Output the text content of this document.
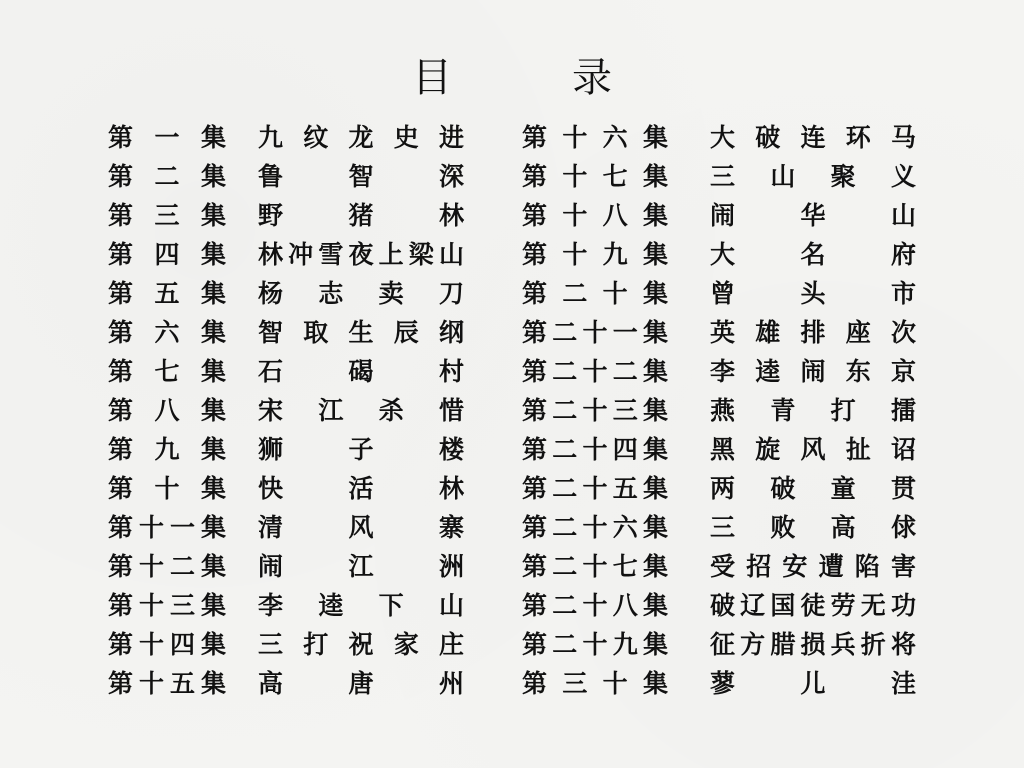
目录
第 一 集 九 纹 龙 史 进
第 二 集 鲁	智	深
第 三 集 野	猪	林
第 四 集 林 冲 雪 夜 上 梁 山
第 五 集 杨 志 卖 刀
第 六 集 智 取 生 辰 纲
第 七 集 石	碣	村
第 八 集 宋 江 杀 惜
第 九 集 狮	子	楼
第 十 集 快	活	林
第 十 一 集 清	风	寨
第 十 二 集 闹	江	洲
第 十 三 集 李 逵 下 山
第 十 四 集 三 打 祝 家 庄
第 十 五 集 高	唐	州
第 十 六 集 大 破 连 环 马
第 十 七 集 三 山 聚 义
第 十 八 集 闹	华	山
第 十 九 集 大	名	府
第 二 十 集 曾	头	市
第 二 十 一 集 英 雄 排 座 次
第 二 十 二 集 李 逵 闹 东 京
第 二 十 三 集 燕 青 打 擂
第 二 十 四 集 黑 旋 风 扯 诏
第 二 十 五 集 两 破 童 贯
第 二 十 六 集 三 败 高 俅
第 二 十 七 集 受 招 安 遭 陷 害
第 二 十 八 集 破 辽 国 徒 劳 无 功
第 二 十 九 集 征 方 腊 损 兵 折 将
第 三 十 集 蓼	儿	洼
